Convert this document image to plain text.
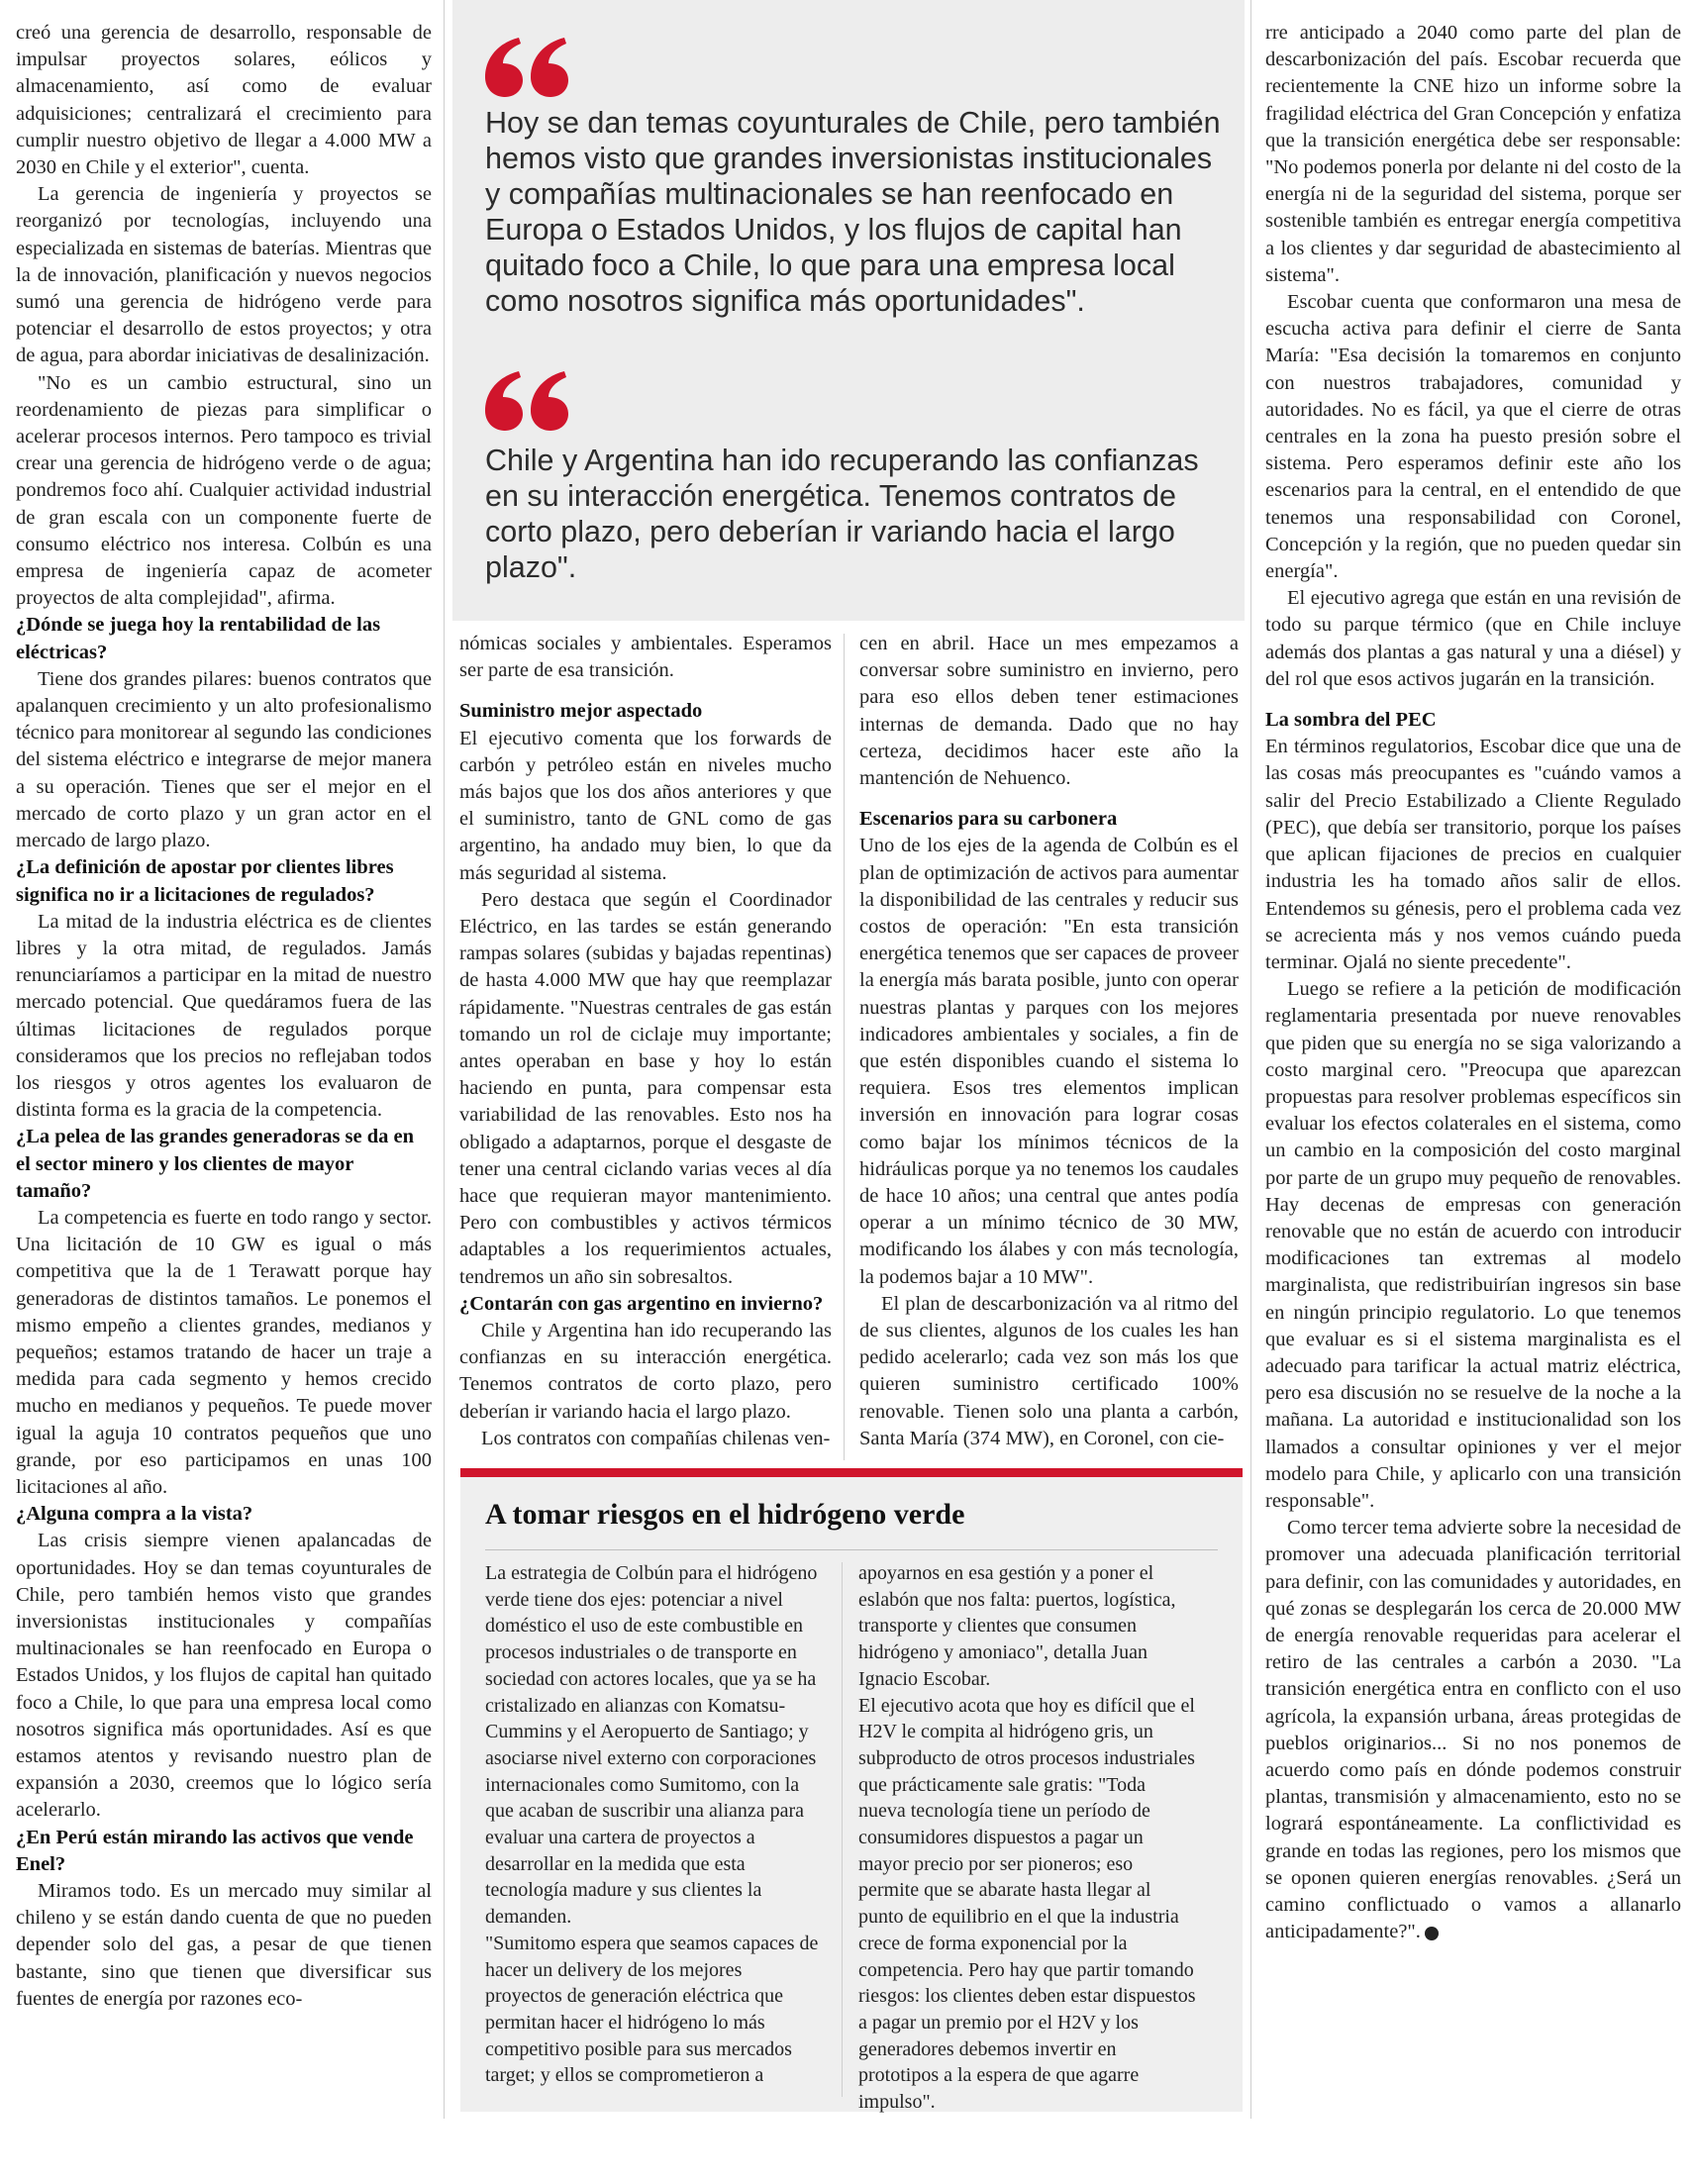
creó una gerencia de desarrollo, responsable de impulsar proyectos solares, eólicos y almacenamiento, así como de evaluar adquisiciones; centralizará el crecimiento para cumplir nuestro objetivo de llegar a 4.000 MW a 2030 en Chile y el exterior", cuenta.

La gerencia de ingeniería y proyectos se reorganizó por tecnologías, incluyendo una especializada en sistemas de baterías. Mientras que la de innovación, planificación y nuevos negocios sumó una gerencia de hidrógeno verde para potenciar el desarrollo de estos proyectos; y otra de agua, para abordar iniciativas de desalinización.

"No es un cambio estructural, sino un reordenamiento de piezas para simplificar o acelerar procesos internos. Pero tampoco es trivial crear una gerencia de hidrógeno verde o de agua; pondremos foco ahí. Cualquier actividad industrial de gran escala con un componente fuerte de consumo eléctrico nos interesa. Colbún es una empresa de ingeniería capaz de acometer proyectos de alta complejidad", afirma.

¿Dónde se juega hoy la rentabilidad de las eléctricas?

Tiene dos grandes pilares: buenos contratos que apalanquen crecimiento y un alto profesionalismo técnico para monitorear al segundo las condiciones del sistema eléctrico e integrarse de mejor manera a su operación. Tienes que ser el mejor en el mercado de corto plazo y un gran actor en el mercado de largo plazo.

¿La definición de apostar por clientes libres significa no ir a licitaciones de regulados?

La mitad de la industria eléctrica es de clientes libres y la otra mitad, de regulados. Jamás renunciaríamos a participar en la mitad de nuestro mercado potencial. Que quedáramos fuera de las últimas licitaciones de regulados porque consideramos que los precios no reflejaban todos los riesgos y otros agentes los evaluaron de distinta forma es la gracia de la competencia.

¿La pelea de las grandes generadoras se da en el sector minero y los clientes de mayor tamaño?

La competencia es fuerte en todo rango y sector. Una licitación de 10 GW es igual o más competitiva que la de 1 Terawatt porque hay generadoras de distintos tamaños. Le ponemos el mismo empeño a clientes grandes, medianos y pequeños; estamos tratando de hacer un traje a medida para cada segmento y hemos crecido mucho en medianos y pequeños. Te puede mover igual la aguja 10 contratos pequeños que uno grande, por eso participamos en unas 100 licitaciones al año.

¿Alguna compra a la vista?

Las crisis siempre vienen apalancadas de oportunidades. Hoy se dan temas coyunturales de Chile, pero también hemos visto que grandes inversionistas institucionales y compañías multinacionales se han reenfocado en Europa o Estados Unidos, y los flujos de capital han quitado foco a Chile, lo que para una empresa local como nosotros significa más oportunidades. Así es que estamos atentos y revisando nuestro plan de expansión a 2030, creemos que lo lógico sería acelerarlo.

¿En Perú están mirando las activos que vende Enel?

Miramos todo. Es un mercado muy similar al chileno y se están dando cuenta de que no pueden depender solo del gas, a pesar de que tienen bastante, sino que tienen que diversificar sus fuentes de energía por razones eco-

Hoy se dan temas coyunturales de Chile, pero también hemos visto que grandes inversionistas institucionales y compañías multinacionales se han reenfocado en Europa o Estados Unidos, y los flujos de capital han quitado foco a Chile, lo que para una empresa local como nosotros significa más oportunidades".
Chile y Argentina han ido recuperando las confianzas en su interacción energética. Tenemos contratos de corto plazo, pero deberían ir variando hacia el largo plazo".

nómicas sociales y ambientales. Esperamos ser parte de esa transición.

Suministro mejor aspectado

El ejecutivo comenta que los forwards de carbón y petróleo están en niveles mucho más bajos que los dos años anteriores y que el suministro, tanto de GNL como de gas argentino, ha andado muy bien, lo que da más seguridad al sistema.

Pero destaca que según el Coordinador Eléctrico, en las tardes se están generando rampas solares (subidas y bajadas repentinas) de hasta 4.000 MW que hay que reemplazar rápidamente. "Nuestras centrales de gas están tomando un rol de ciclaje muy importante; antes operaban en base y hoy lo están haciendo en punta, para compensar esta variabilidad de las renovables. Esto nos ha obligado a adaptarnos, porque el desgaste de tener una central ciclando varias veces al día hace que requieran mayor mantenimiento. Pero con combustibles y activos térmicos adaptables a los requerimientos actuales, tendremos un año sin sobresaltos.

¿Contarán con gas argentino en invierno?

Chile y Argentina han ido recuperando las confianzas en su interacción energética. Tenemos contratos de corto plazo, pero deberían ir variando hacia el largo plazo.

Los contratos con compañías chilenas ven-

cen en abril. Hace un mes empezamos a conversar sobre suministro en invierno, pero para eso ellos deben tener estimaciones internas de demanda. Dado que no hay certeza, decidimos hacer este año la mantención de Nehuenco.

Escenarios para su carbonera

Uno de los ejes de la agenda de Colbún es el plan de optimización de activos para aumentar la disponibilidad de las centrales y reducir sus costos de operación: "En esta transición energética tenemos que ser capaces de proveer la energía más barata posible, junto con operar nuestras plantas y parques con los mejores indicadores ambientales y sociales, a fin de que estén disponibles cuando el sistema lo requiera. Esos tres elementos implican inversión en innovación para lograr cosas como bajar los mínimos técnicos de la hidráulicas porque ya no tenemos los caudales de hace 10 años; una central que antes podía operar a un mínimo técnico de 30 MW, modificando los álabes y con más tecnología, la podemos bajar a 10 MW".

El plan de descarbonización va al ritmo del de sus clientes, algunos de los cuales les han pedido acelerarlo; cada vez son más los que quieren suministro certificado 100% renovable. Tienen solo una planta a carbón, Santa María (374 MW), en Coronel, con cie-

rre anticipado a 2040 como parte del plan de descarbonización del país. Escobar recuerda que recientemente la CNE hizo un informe sobre la fragilidad eléctrica del Gran Concepción y enfatiza que la transición energética debe ser responsable: "No podemos ponerla por delante ni del costo de la energía ni de la seguridad del sistema, porque ser sostenible también es entregar energía competitiva a los clientes y dar seguridad de abastecimiento al sistema".

Escobar cuenta que conformaron una mesa de escucha activa para definir el cierre de Santa María: "Esa decisión la tomaremos en conjunto con nuestros trabajadores, comunidad y autoridades. No es fácil, ya que el cierre de otras centrales en la zona ha puesto presión sobre el sistema. Pero esperamos definir este año los escenarios para la central, en el entendido de que tenemos una responsabilidad con Coronel, Concepción y la región, que no pueden quedar sin energía".

El ejecutivo agrega que están en una revisión de todo su parque térmico (que en Chile incluye además dos plantas a gas natural y una a diésel) y del rol que esos activos jugarán en la transición.

La sombra del PEC

En términos regulatorios, Escobar dice que una de las cosas más preocupantes es "cuándo vamos a salir del Precio Estabilizado a Cliente Regulado (PEC), que debía ser transitorio, porque los países que aplican fijaciones de precios en cualquier industria les ha tomado años salir de ellos. Entendemos su génesis, pero el problema cada vez se acrecienta más y nos vemos cuándo pueda terminar. Ojalá no siente precedente".

Luego se refiere a la petición de modificación reglamentaria presentada por nueve renovables que piden que su energía no se siga valorizando a costo marginal cero. "Preocupa que aparezcan propuestas para resolver problemas específicos sin evaluar los efectos colaterales en el sistema, como un cambio en la composición del costo marginal por parte de un grupo muy pequeño de renovables. Hay decenas de empresas con generación renovable que no están de acuerdo con introducir modificaciones tan extremas al modelo marginalista, que redistribuirían ingresos sin base en ningún principio regulatorio. Lo que tenemos que evaluar es si el sistema marginalista es el adecuado para tarificar la actual matriz eléctrica, pero esa discusión no se resuelve de la noche a la mañana. La autoridad e institucionalidad son los llamados a consultar opiniones y ver el mejor modelo para Chile, y aplicarlo con una transición responsable".

Como tercer tema advierte sobre la necesidad de promover una adecuada planificación territorial para definir, con las comunidades y autoridades, en qué zonas se desplegarán los cerca de 20.000 MW de energía renovable requeridas para acelerar el retiro de las centrales a carbón a 2030. "La transición energética entra en conflicto con el uso agrícola, la expansión urbana, áreas protegidas de pueblos originarios... Si no nos ponemos de acuerdo como país en dónde podemos construir plantas, transmisión y almacenamiento, esto no se logrará espontáneamente. La conflictividad es grande en todas las regiones, pero los mismos que se oponen quieren energías renovables. ¿Será un camino conflictuado o vamos a allanarlo anticipadamente?".

A tomar riesgos en el hidrógeno verde

La estrategia de Colbún para el hidrógeno verde tiene dos ejes: potenciar a nivel doméstico el uso de este combustible en procesos industriales o de transporte en sociedad con actores locales, que ya se ha cristalizado en alianzas con Komatsu-Cummins y el Aeropuerto de Santiago; y asociarse nivel externo con corporaciones internacionales como Sumitomo, con la que acaban de suscribir una alianza para evaluar una cartera de proyectos a desarrollar en la medida que esta tecnología madure y sus clientes la demanden.

"Sumitomo espera que seamos capaces de hacer un delivery de los mejores proyectos de generación eléctrica que permitan hacer el hidrógeno lo más competitivo posible para sus mercados target; y ellos se comprometieron a

apoyarnos en esa gestión y a poner el eslabón que nos falta: puertos, logística, transporte y clientes que consumen hidrógeno y amoniaco", detalla Juan Ignacio Escobar.

El ejecutivo acota que hoy es difícil que el H2V le compita al hidrógeno gris, un subproducto de otros procesos industriales que prácticamente sale gratis: "Toda nueva tecnología tiene un período de consumidores dispuestos a pagar un mayor precio por ser pioneros; eso permite que se abarate hasta llegar al punto de equilibrio en el que la industria crece de forma exponencial por la competencia. Pero hay que partir tomando riesgos: los clientes deben estar dispuestos a pagar un premio por el H2V y los generadores debemos invertir en prototipos a la espera de que agarre impulso".
